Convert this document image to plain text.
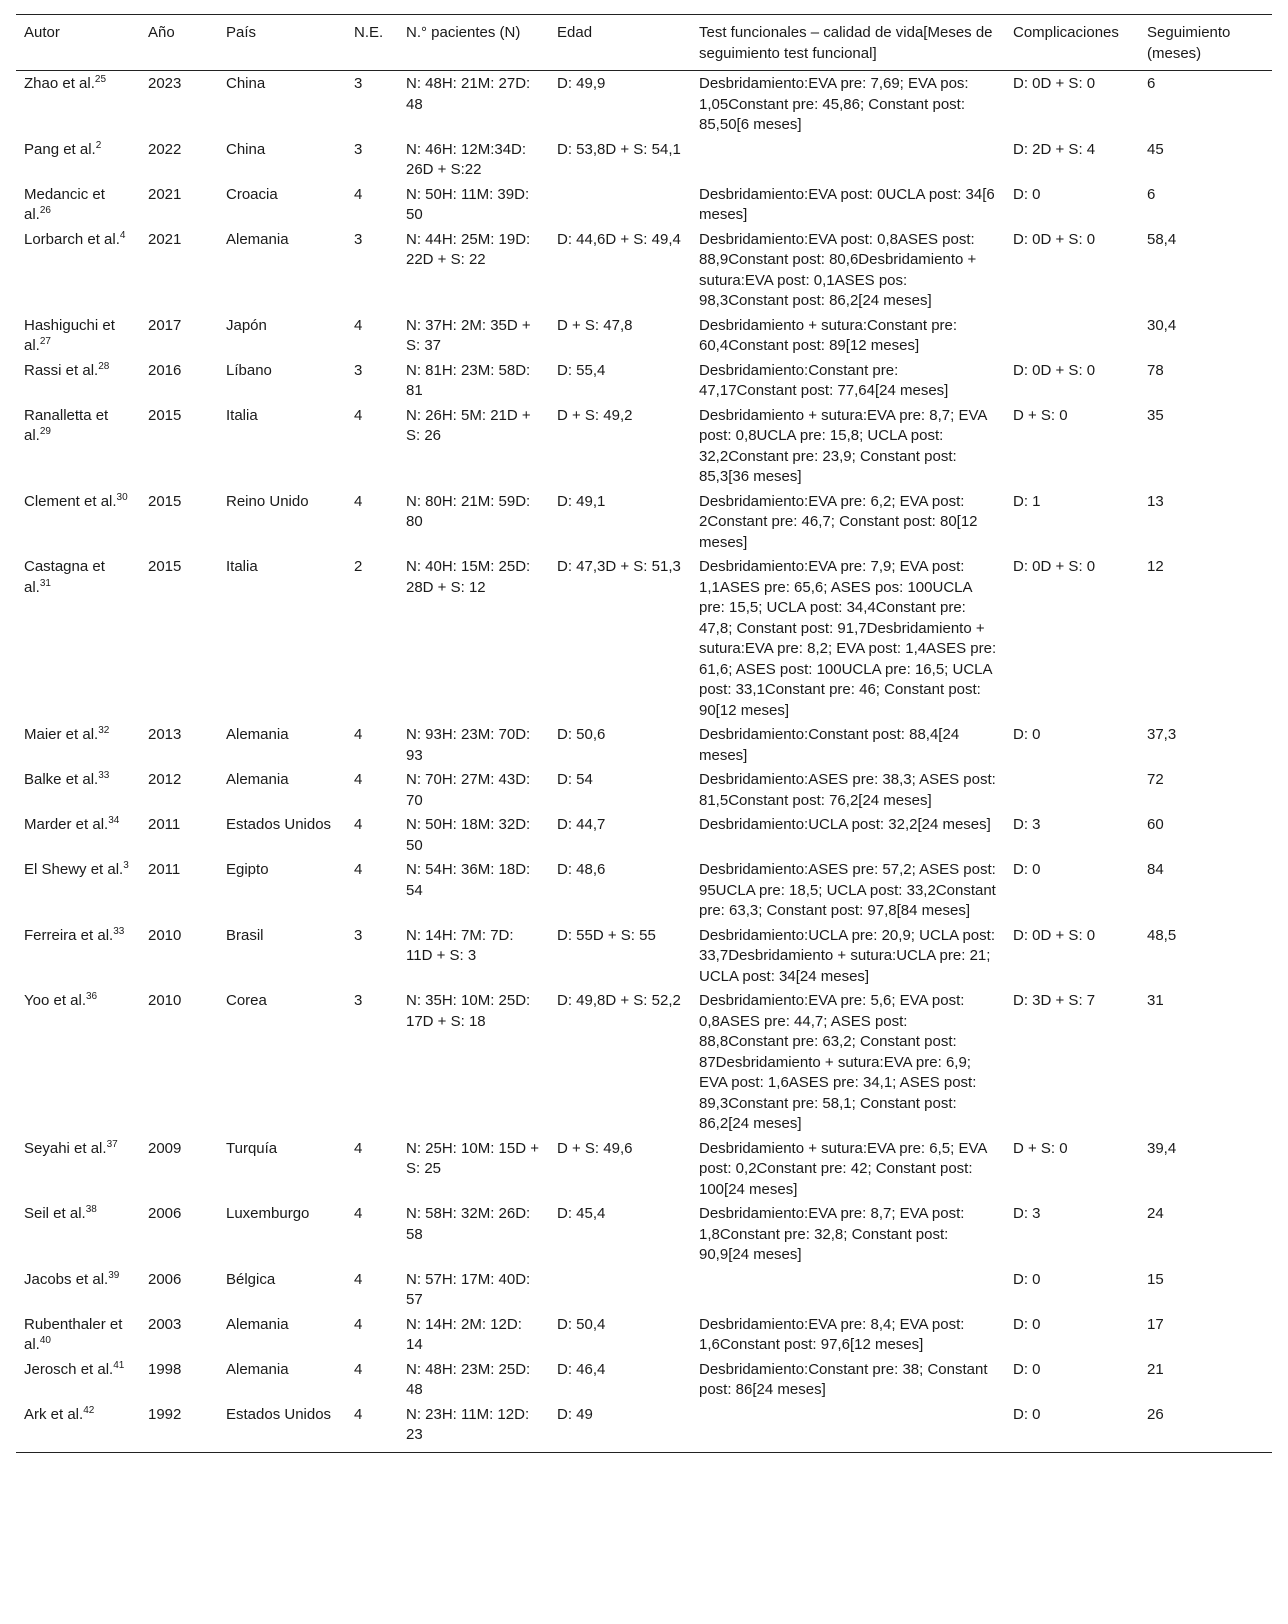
Autor	Año	País	N.E.	N.° pacientes (N)	Edad	Test funcionales – calidad de vida[Meses de seguimiento test funcional]	Complicaciones	Seguimiento (meses)
Zhao et al.$^{25}$	2023	China	3	N: 48H: 21M: 27D: 48	D: 49,9	Desbridamiento:EVA pre: 7,69; EVA pos: 1,05Constant pre: 45,86; Constant post: 85,50[6 meses]	D: 0D + S: 0	6
Pang et al.$^2$	2022	China	3	N: 46H: 12M:34D: 26D + S:22	D: 53,8D + S: 54,1		D: 2D + S: 4	45
Medancic et al.$^{26}$	2021	Croacia	4	N: 50H: 11M: 39D: 50		Desbridamiento:EVA post: 0UCLA post: 34[6 meses]	D: 0	6
Lorbarch et al.$^4$	2021	Alemania	3	N: 44H: 25M: 19D: 22D + S: 22	D: 44,6D + S: 49,4	Desbridamiento:EVA post: 0,8ASES post: 88,9Constant post: 80,6Desbridamiento + sutura:EVA post: 0,1ASES pos: 98,3Constant post: 86,2[24 meses]	D: 0D + S: 0	58,4
Hashiguchi et al.$^{27}$	2017	Japón	4	N: 37H: 2M: 35D + S: 37	D + S: 47,8	Desbridamiento + sutura:Constant pre: 60,4Constant post: 89[12 meses]		30,4
Rassi et al.$^{28}$	2016	Líbano	3	N: 81H: 23M: 58D: 81	D: 55,4	Desbridamiento:Constant pre: 47,17Constant post: 77,64[24 meses]	D: 0D + S: 0	78
Ranalletta et al.$^{29}$	2015	Italia	4	N: 26H: 5M: 21D + S: 26	D + S: 49,2	Desbridamiento + sutura:EVA pre: 8,7; EVA post: 0,8UCLA pre: 15,8; UCLA post: 32,2Constant pre: 23,9; Constant post: 85,3[36 meses]	D + S: 0	35
Clement et al.$^{30}$	2015	Reino Unido	4	N: 80H: 21M: 59D: 80	D: 49,1	Desbridamiento:EVA pre: 6,2; EVA post: 2Constant pre: 46,7; Constant post: 80[12 meses]	D: 1	13
Castagna et al.$^{31}$	2015	Italia	2	N: 40H: 15M: 25D: 28D + S: 12	D: 47,3D + S: 51,3	Desbridamiento:EVA pre: 7,9; EVA post: 1,1ASES pre: 65,6; ASES pos: 100UCLA pre: 15,5; UCLA post: 34,4Constant pre: 47,8; Constant post: 91,7Desbridamiento + sutura:EVA pre: 8,2; EVA post: 1,4ASES pre: 61,6; ASES post: 100UCLA pre: 16,5; UCLA post: 33,1Constant pre: 46; Constant post: 90[12 meses]	D: 0D + S: 0	12
Maier et al.$^{32}$	2013	Alemania	4	N: 93H: 23M: 70D: 93	D: 50,6	Desbridamiento:Constant post: 88,4[24 meses]	D: 0	37,3
Balke et al.$^{33}$	2012	Alemania	4	N: 70H: 27M: 43D: 70	D: 54	Desbridamiento:ASES pre: 38,3; ASES post: 81,5Constant post: 76,2[24 meses]		72
Marder et al.$^{34}$	2011	Estados Unidos	4	N: 50H: 18M: 32D: 50	D: 44,7	Desbridamiento:UCLA post: 32,2[24 meses]	D: 3	60
El Shewy et al.$^3$	2011	Egipto	4	N: 54H: 36M: 18D: 54	D: 48,6	Desbridamiento:ASES pre: 57,2; ASES post: 95UCLA pre: 18,5; UCLA post: 33,2Constant pre: 63,3; Constant post: 97,8[84 meses]	D: 0	84
Ferreira et al.$^{33}$	2010	Brasil	3	N: 14H: 7M: 7D: 11D + S: 3	D: 55D + S: 55	Desbridamiento:UCLA pre: 20,9; UCLA post: 33,7Desbridamiento + sutura:UCLA pre: 21; UCLA post: 34[24 meses]	D: 0D + S: 0	48,5
Yoo et al.$^{36}$	2010	Corea	3	N: 35H: 10M: 25D: 17D + S: 18	D: 49,8D + S: 52,2	Desbridamiento:EVA pre: 5,6; EVA post: 0,8ASES pre: 44,7; ASES post: 88,8Constant pre: 63,2; Constant post: 87Desbridamiento + sutura:EVA pre: 6,9; EVA post: 1,6ASES pre: 34,1; ASES post: 89,3Constant pre: 58,1; Constant post: 86,2[24 meses]	D: 3D + S: 7	31
Seyahi et al.$^{37}$	2009	Turquía	4	N: 25H: 10M: 15D + S: 25	D + S: 49,6	Desbridamiento + sutura:EVA pre: 6,5; EVA post: 0,2Constant pre: 42; Constant post: 100[24 meses]	D + S: 0	39,4
Seil et al.$^{38}$	2006	Luxemburgo	4	N: 58H: 32M: 26D: 58	D: 45,4	Desbridamiento:EVA pre: 8,7; EVA post: 1,8Constant pre: 32,8; Constant post: 90,9[24 meses]	D: 3	24
Jacobs et al.$^{39}$	2006	Bélgica	4	N: 57H: 17M: 40D: 57			D: 0	15
Rubenthaler et al.$^{40}$	2003	Alemania	4	N: 14H: 2M: 12D: 14	D: 50,4	Desbridamiento:EVA pre: 8,4; EVA post: 1,6Constant post: 97,6[12 meses]	D: 0	17
Jerosch et al.$^{41}$	1998	Alemania	4	N: 48H: 23M: 25D: 48	D: 46,4	Desbridamiento:Constant pre: 38; Constant post: 86[24 meses]	D: 0	21
Ark et al.$^{42}$	1992	Estados Unidos	4	N: 23H: 11M: 12D: 23	D: 49		D: 0	26
